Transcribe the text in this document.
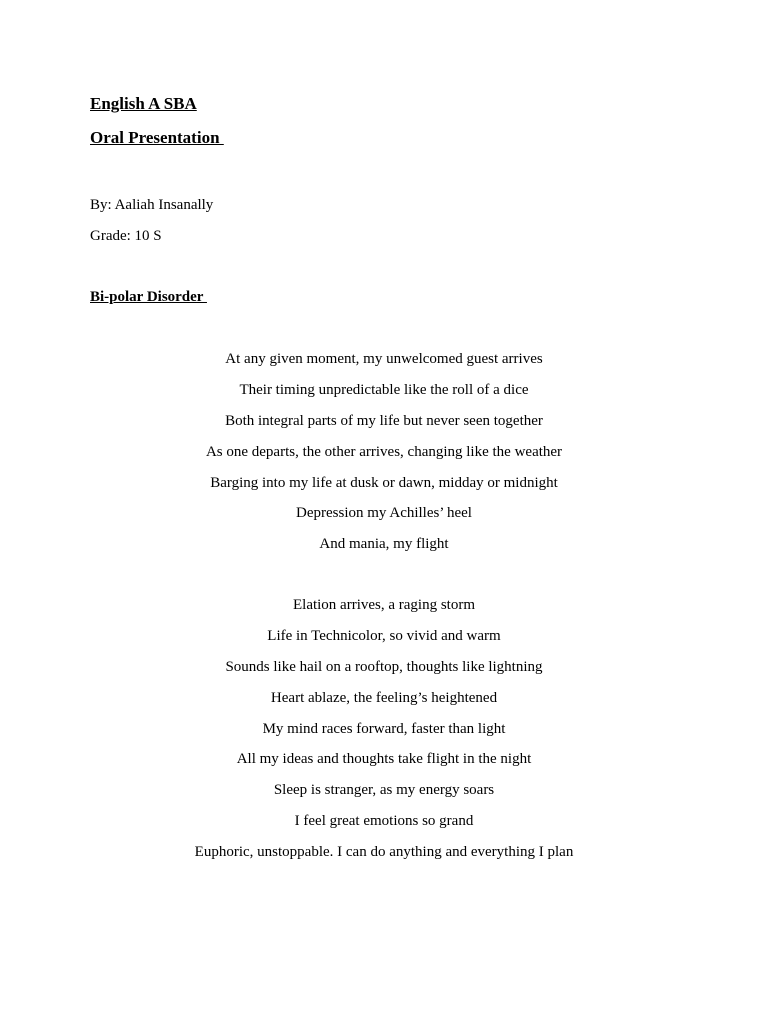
English A SBA
Oral Presentation
By: Aaliah Insanally
Grade: 10 S
Bi-polar Disorder
At any given moment, my unwelcomed guest arrives
Their timing unpredictable like the roll of a dice
Both integral parts of my life but never seen together
As one departs, the other arrives, changing like the weather
Barging into my life at dusk or dawn, midday or midnight
Depression my Achilles’ heel
And mania, my flight
Elation arrives, a raging storm
Life in Technicolor, so vivid and warm
Sounds like hail on a rooftop, thoughts like lightning
Heart ablaze, the feeling’s heightened
My mind races forward, faster than light
All my ideas and thoughts take flight in the night
Sleep is stranger, as my energy soars
I feel great emotions so grand
Euphoric, unstoppable. I can do anything and everything I plan
